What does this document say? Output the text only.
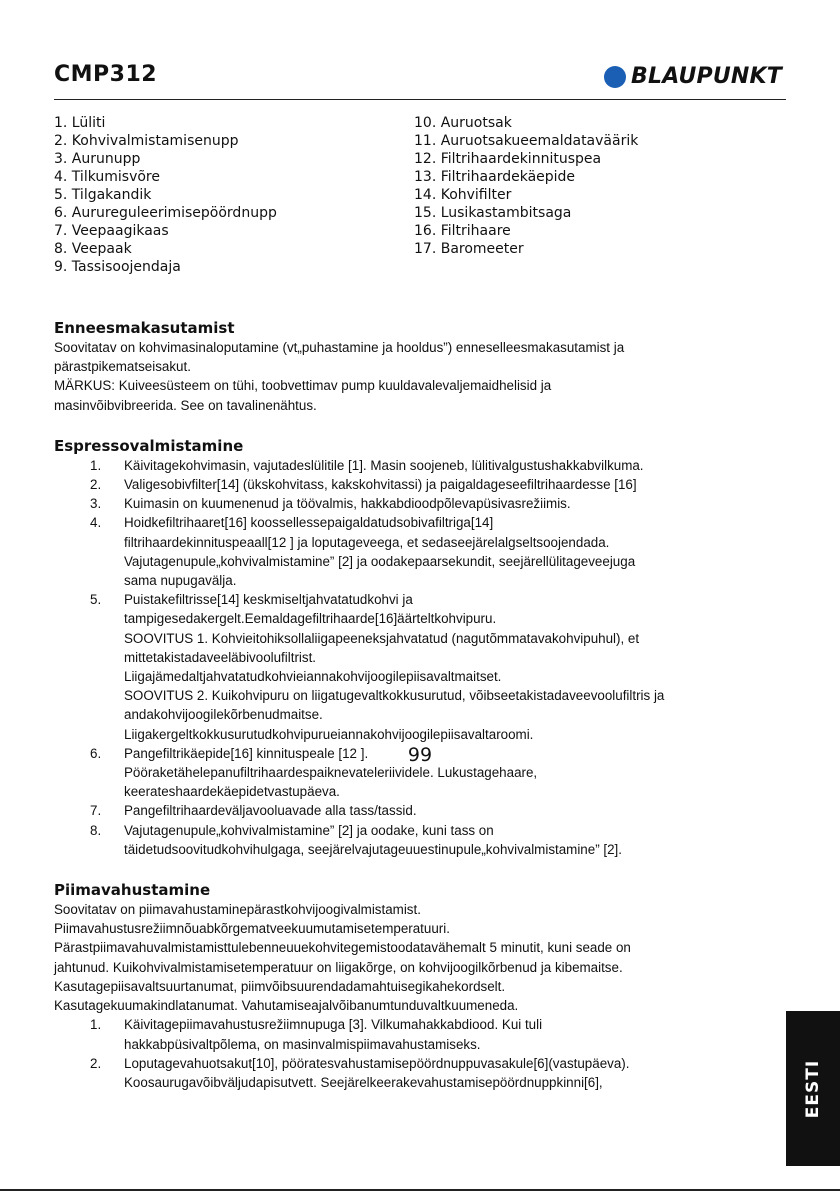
CMP312	BLAUPUNKT
1. Lüliti
2. Kohvivalmistamisenupp
3. Aurunupp
4. Tilkumisvõre
5. Tilgakandik
6. Aurureguleerimisepöördnupp
7. Veepaagikaas
8. Veepaak
9. Tassisoojendaja
10. Auruotsak
11. Auruotsakueemaldataväärik
12. Filtrihaardekinnituspea
13. Filtrihaardekäepide
14. Kohvifilter
15. Lusikastambitsaga
16. Filtrihaare
17. Baromeeter
Enneesmakasutamist

Soovitatav on kohvimasinaloputamine (vt„puhastamine ja hooldus”) enneselleesmakasutamist ja

pärastpikematseisakut.

MÄRKUS: Kuiveesüsteem on tühi, toobvettimav pump kuuldavalevaljemaidhelisid ja

masinvõibvibreerida. See on tavalinenähtus.

Espressovalmistamine
1.	Käivitagekohvimasin, vajutadeslülitile [1]. Masin soojeneb, lülitivalgustushakkabvilkuma.
2.	Valigesobivfilter[14] (ükskohvitass, kakskohvitassi) ja paigaldageseefiltrihaardesse [16]
3.	Kuimasin on kuumenenud ja töövalmis, hakkabdioodpõlevapüsivasrežiimis.
4.	Hoidkefiltrihaaret[16] koossellessepaigaldatudsobivafiltriga[14]
filtrihaardekinnituspeaall[12 ] ja loputageveega, et sedaseejärelalgseltsoojendada.
Vajutagenupule„kohvivalmistamine” [2] ja oodakepaarsekundit, seejärellülitageveejuga
sama nupugavälja.
5.	Puistakefiltrisse[14] keskmiseltjahvatatudkohvi ja
tampigesedakergelt.Eemaldagefiltrihaarde[16]äärteltkohvipuru.
SOOVITUS 1. Kohvieitohiksollaliigapeeneksjahvatatud (nagutõmmatavakohvipuhul), et
mittetakistadaveeläbivoolufiltrist.
Liigajämedaltjahvatatudkohvieiannakohvijoogilepiisavaltmaitset.
SOOVITUS 2. Kuikohvipuru on liigatugevaltkokkusurutud, võibseetakistadaveevoolufiltris ja
andakohvijoogilekõrbenudmaitse.
Liigakergeltkokkusurutudkohvipurueiannakohvijoogilepiisavaltaroomi.
6.	Pangefiltrikäepide[16] kinnituspeale [12 ].
Pööraketähelepanufiltrihaardespaiknevateleriividele. Lukustagehaare,
keerateshaardekäepidetvastupäeva.
7.	Pangefiltrihaardeväljavooluavade alla tass/tassid.
8.	Vajutagenupule„kohvivalmistamine” [2] ja oodake, kuni tass on
täidetudsoovitudkohvihulgaga, seejärelvajutageuuestinupule„kohvivalmistamine” [2].
Piimavahustamine

Soovitatav on piimavahustaminepärastkohvijoogivalmistamist.

Piimavahustusrežiimnõuabkõrgematveekuumutamisetemperatuuri.

Pärastpiimavahuvalmistamisttulebenneuuekohvitegemistoodatavähemalt 5 minutit, kuni seade on

jahtunud. Kuikohvivalmistamisetemperatuur on liigakõrge, on kohvijoogilkõrbenud ja kibemaitse.

Kasutagepiisavaltsuurtanumat, piimvõibsuurendadamahtuisegikahekordselt.

Kasutagekuumakindlatanumat. Vahutamiseajalvõibanumtunduvaltkuumeneda.

1.	Käivitagepiimavahustusrežiimnupuga [3]. Vilkumahakkabdiood. Kui tuli
hakkabpüsivaltpõlema, on masinvalmispiimavahustamiseks.
2.	Loputagevahuotsakut[10], pööratesvahustamisepöördnuppuvasakule[6](vastupäeva).
Koosaurugavõibväljudapisutvett. Seejärelkeerakevahustamisepöördnuppkinni[6],
99
EESTI
